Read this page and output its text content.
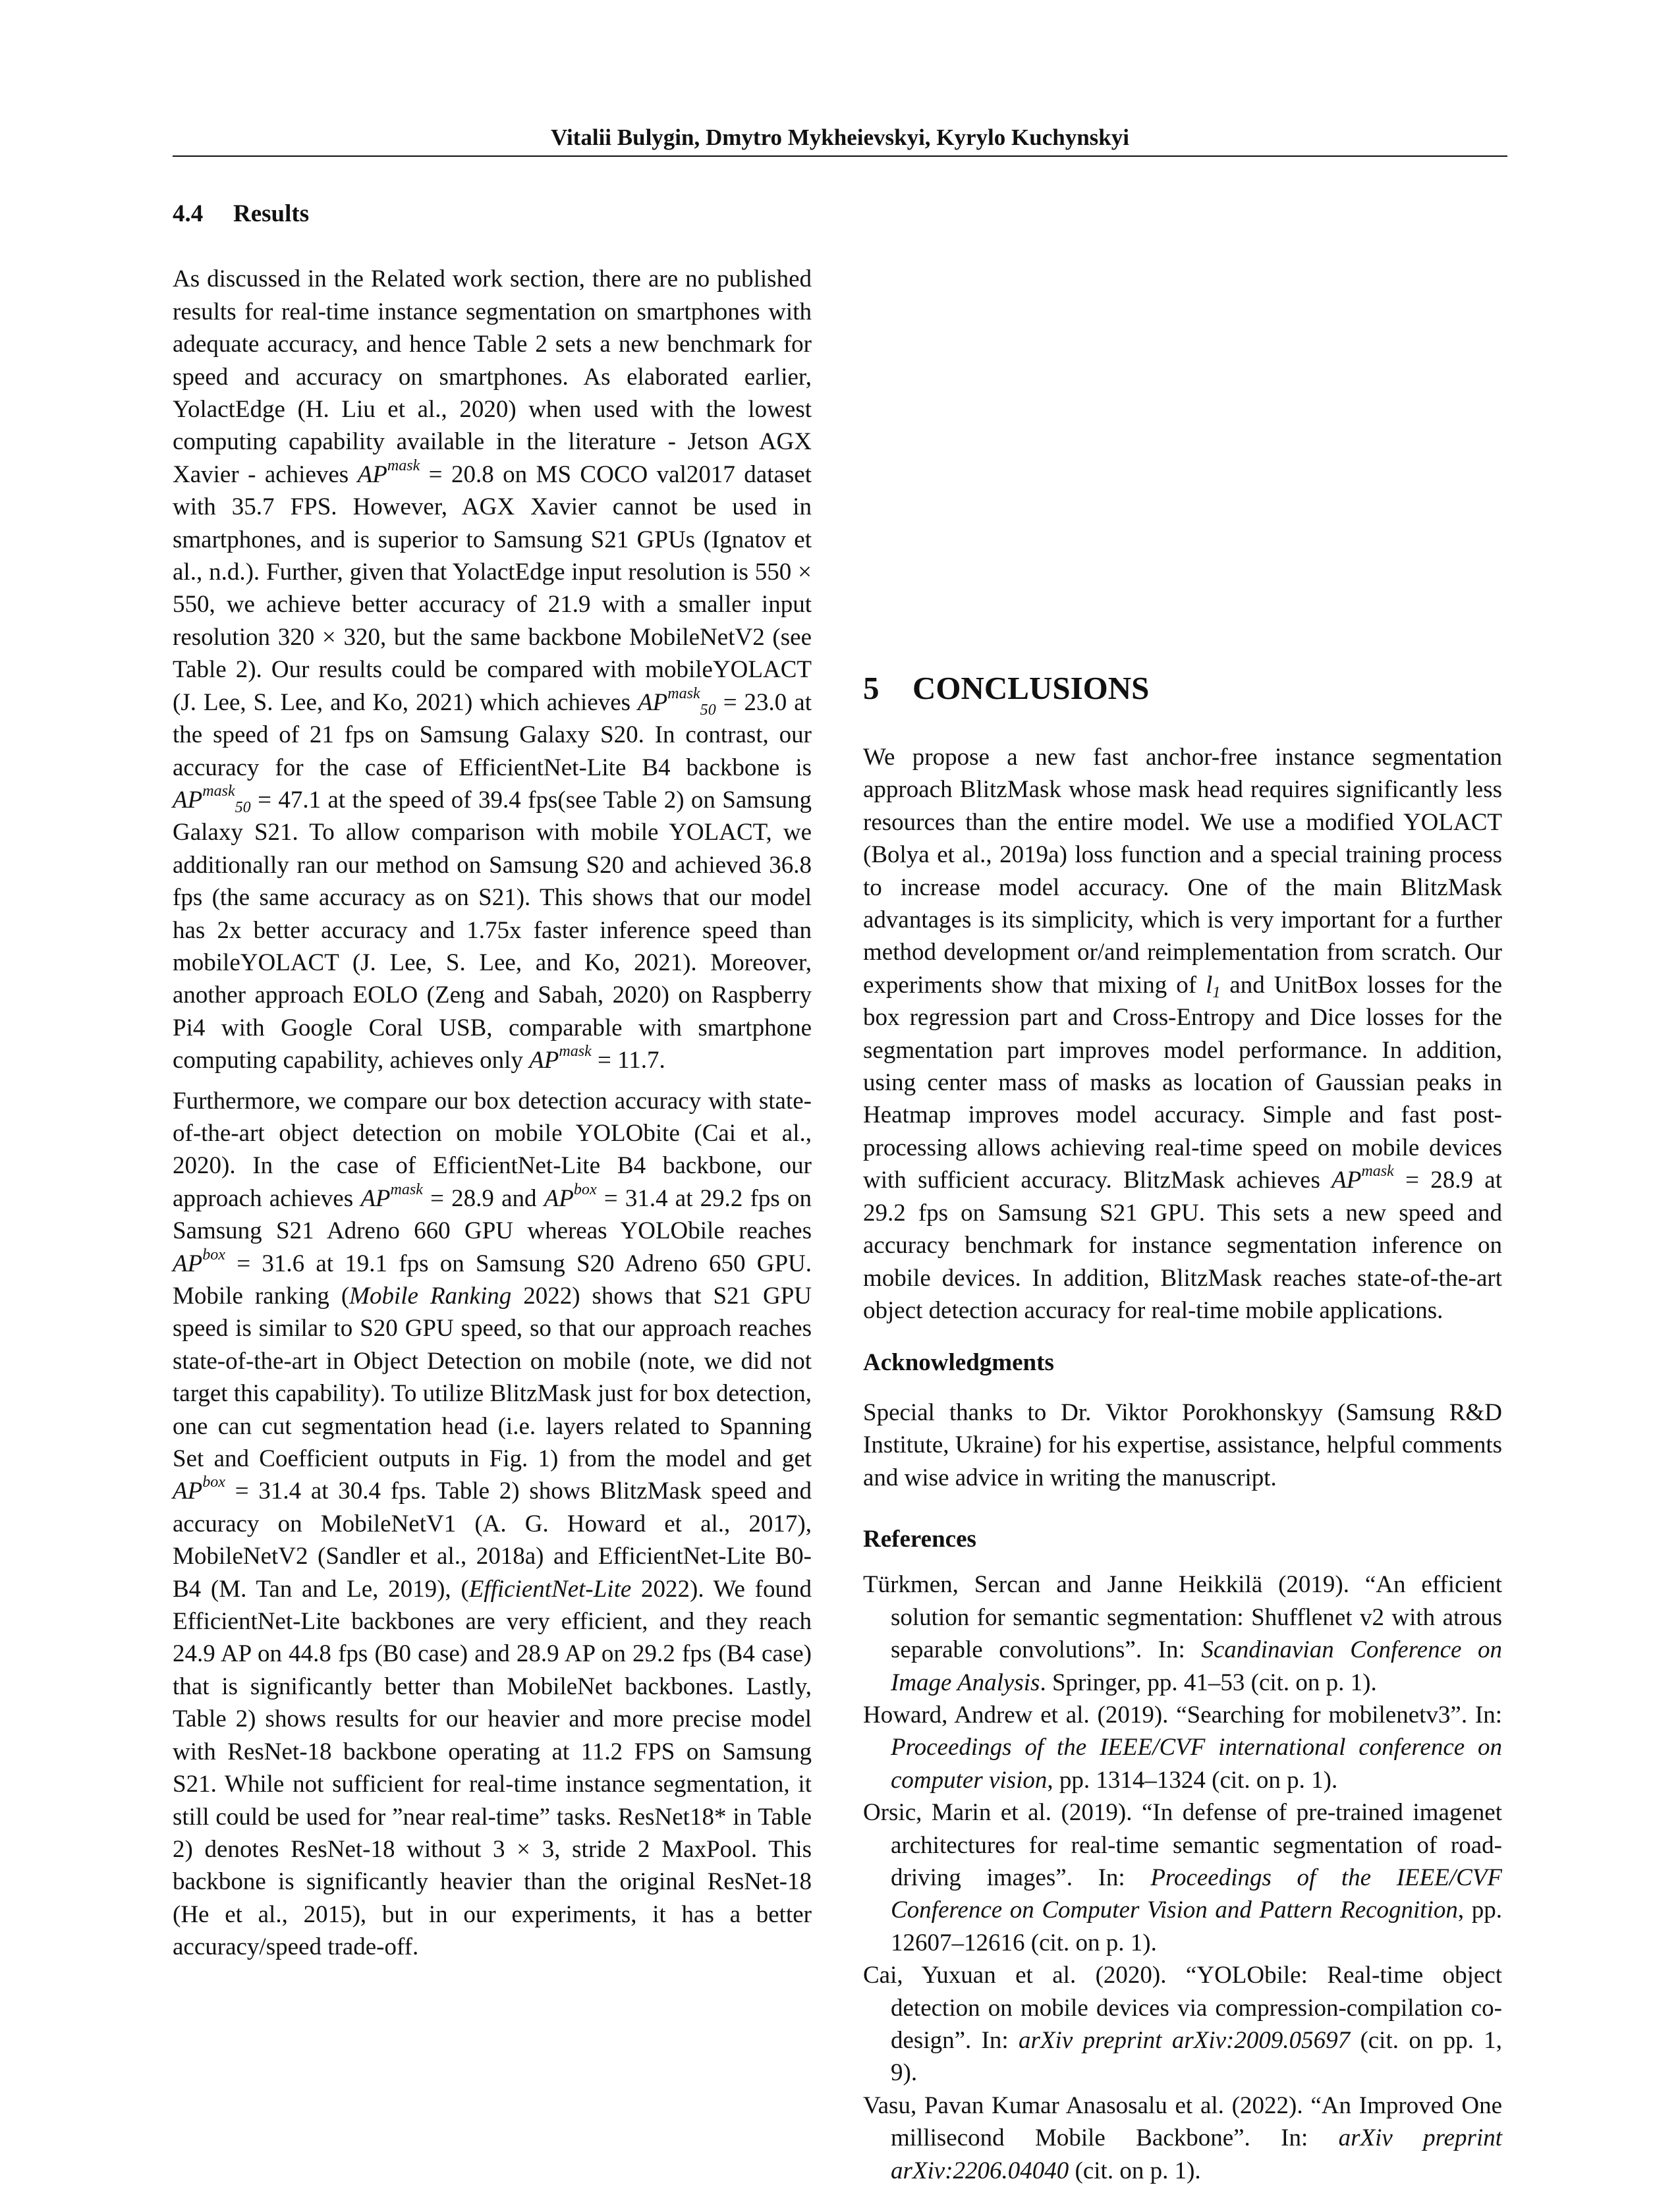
Vitalii Bulygin, Dmytro Mykheievskyi, Kyrylo Kuchynskyi
4.4 Results

As discussed in the Related work section, there are no published results for real-time instance segmentation on smartphones with adequate accuracy, and hence Table 2 sets a new benchmark for speed and accuracy on smartphones. As elaborated earlier, YolactEdge (H. Liu et al., 2020) when used with the lowest computing capability available in the literature - Jetson AGX Xavier - achieves $AP^{mask} = 20.8$ on MS COCO val2017 dataset with 35.7 FPS. However, AGX Xavier cannot be used in smartphones, and is superior to Samsung S21 GPUs (Ignatov et al., n.d.). Further, given that YolactEdge input resolution is 550 × 550, we achieve better accuracy of 21.9 with a smaller input resolution 320 × 320, but the same backbone MobileNetV2 (see Table 2). Our results could be compared with mobileYOLACT (J. Lee, S. Lee, and Ko, 2021) which achieves $AP^{mask}_{50} = 23.0$ at the speed of 21 fps on Samsung Galaxy S20. In contrast, our accuracy for the case of EfficientNet-Lite B4 backbone is $AP^{mask}_{50} = 47.1$ at the speed of 39.4 fps(see Table 2) on Samsung Galaxy S21. To allow comparison with mobile YOLACT, we additionally ran our method on Samsung S20 and achieved 36.8 fps (the same accuracy as on S21). This shows that our model has 2x better accuracy and 1.75x faster inference speed than mobileYOLACT (J. Lee, S. Lee, and Ko, 2021). Moreover, another approach EOLO (Zeng and Sabah, 2020) on Raspberry Pi4 with Google Coral USB, comparable with smartphone computing capability, achieves only $AP^{mask} = 11.7$.

Furthermore, we compare our box detection accuracy with state-of-the-art object detection on mobile YOLObite (Cai et al., 2020). In the case of EfficientNet-Lite B4 backbone, our approach achieves $AP^{mask} = 28.9$ and $AP^{box} = 31.4$ at 29.2 fps on Samsung S21 Adreno 660 GPU whereas YOLObile reaches $AP^{box} = 31.6$ at 19.1 fps on Samsung S20 Adreno 650 GPU. Mobile ranking (Mobile Ranking 2022) shows that S21 GPU speed is similar to S20 GPU speed, so that our approach reaches state-of-the-art in Object Detection on mobile (note, we did not target this capability). To utilize BlitzMask just for box detection, one can cut segmentation head (i.e. layers related to Spanning Set and Coefficient outputs in Fig. 1) from the model and get $AP^{box} = 31.4$ at 30.4 fps. Table 2) shows BlitzMask speed and accuracy on MobileNetV1 (A. G. Howard et al., 2017), MobileNetV2 (Sandler et al., 2018a) and EfficientNet-Lite B0-B4 (M. Tan and Le, 2019), (EfficientNet-Lite 2022). We found EfficientNet-Lite backbones are very efficient, and they reach 24.9 AP on 44.8 fps (B0 case) and 28.9 AP on 29.2 fps (B4 case) that is significantly better than MobileNet backbones. Lastly, Table 2) shows results for our heavier and more precise model with ResNet-18 backbone operating at 11.2 FPS on Samsung S21. While not sufficient for real-time instance segmentation, it still could be used for ”near real-time” tasks. ResNet18* in Table 2) denotes ResNet-18 without 3 × 3, stride 2 MaxPool. This backbone is significantly heavier than the original ResNet-18 (He et al., 2015), but in our experiments, it has a better accuracy/speed trade-off.

5 CONCLUSIONS

We propose a new fast anchor-free instance segmentation approach BlitzMask whose mask head requires significantly less resources than the entire model. We use a modified YOLACT (Bolya et al., 2019a) loss function and a special training process to increase model accuracy. One of the main BlitzMask advantages is its simplicity, which is very important for a further method development or/and reimplementation from scratch. Our experiments show that mixing of $l_1$ and UnitBox losses for the box regression part and Cross-Entropy and Dice losses for the segmentation part improves model performance. In addition, using center mass of masks as location of Gaussian peaks in Heatmap improves model accuracy. Simple and fast post-processing allows achieving real-time speed on mobile devices with sufficient accuracy. BlitzMask achieves $AP^{mask} = 28.9$ at 29.2 fps on Samsung S21 GPU. This sets a new speed and accuracy benchmark for instance segmentation inference on mobile devices. In addition, BlitzMask reaches state-of-the-art object detection accuracy for real-time mobile applications.

Acknowledgments

Special thanks to Dr. Viktor Porokhonskyy (Samsung R&D Institute, Ukraine) for his expertise, assistance, helpful comments and wise advice in writing the manuscript.

References

Türkmen, Sercan and Janne Heikkilä (2019). “An efficient solution for semantic segmentation: Shufflenet v2 with atrous separable convolutions”. In: Scandinavian Conference on Image Analysis. Springer, pp. 41–53 (cit. on p. 1).

Howard, Andrew et al. (2019). “Searching for mobilenetv3”. In: Proceedings of the IEEE/CVF international conference on computer vision, pp. 1314–1324 (cit. on p. 1).

Orsic, Marin et al. (2019). “In defense of pre-trained imagenet architectures for real-time semantic segmentation of road-driving images”. In: Proceedings of the IEEE/CVF Conference on Computer Vision and Pattern Recognition, pp. 12607–12616 (cit. on p. 1).

Cai, Yuxuan et al. (2020). “YOLObile: Real-time object detection on mobile devices via compression-compilation co-design”. In: arXiv preprint arXiv:2009.05697 (cit. on pp. 1, 9).

Vasu, Pavan Kumar Anasosalu et al. (2022). “An Improved One millisecond Mobile Backbone”. In: arXiv preprint arXiv:2206.04040 (cit. on p. 1).
